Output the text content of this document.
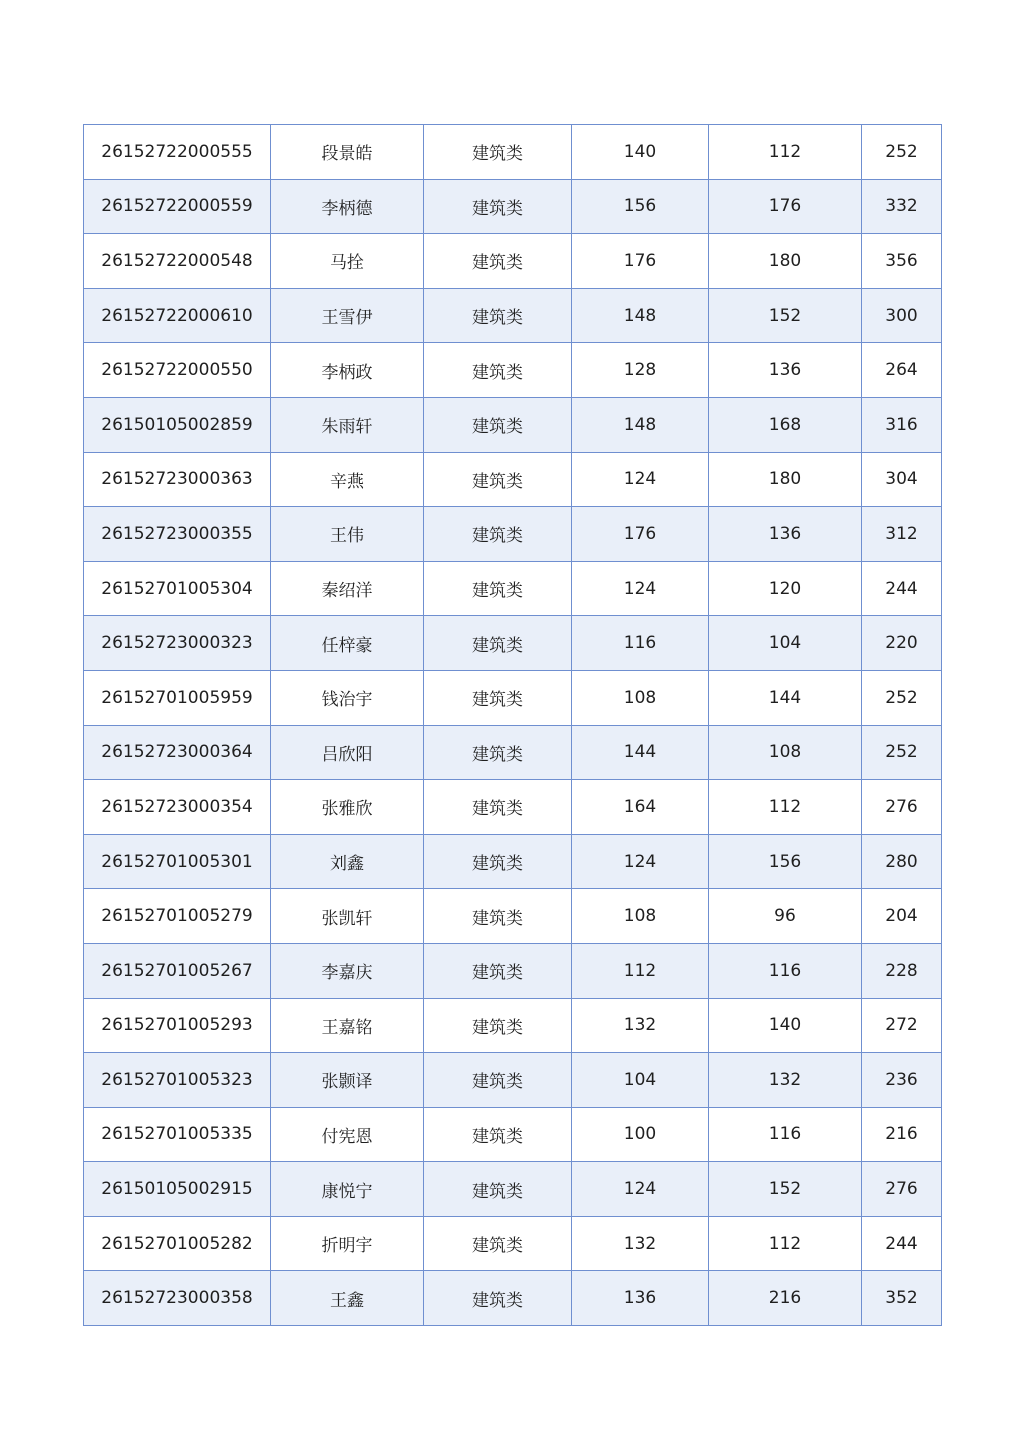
26152722000555	段景皓	建筑类	140	112	252
26152722000559	李柄德	建筑类	156	176	332
26152722000548	马拴	建筑类	176	180	356
26152722000610	王雪伊	建筑类	148	152	300
26152722000550	李柄政	建筑类	128	136	264
26150105002859	朱雨轩	建筑类	148	168	316
26152723000363	辛燕	建筑类	124	180	304
26152723000355	王伟	建筑类	176	136	312
26152701005304	秦绍洋	建筑类	124	120	244
26152723000323	任梓豪	建筑类	116	104	220
26152701005959	钱治宇	建筑类	108	144	252
26152723000364	吕欣阳	建筑类	144	108	252
26152723000354	张雅欣	建筑类	164	112	276
26152701005301	刘鑫	建筑类	124	156	280
26152701005279	张凯轩	建筑类	108	96	204
26152701005267	李嘉庆	建筑类	112	116	228
26152701005293	王嘉铭	建筑类	132	140	272
26152701005323	张颢译	建筑类	104	132	236
26152701005335	付宪恩	建筑类	100	116	216
26150105002915	康悦宁	建筑类	124	152	276
26152701005282	折明宇	建筑类	132	112	244
26152723000358	王鑫	建筑类	136	216	352
